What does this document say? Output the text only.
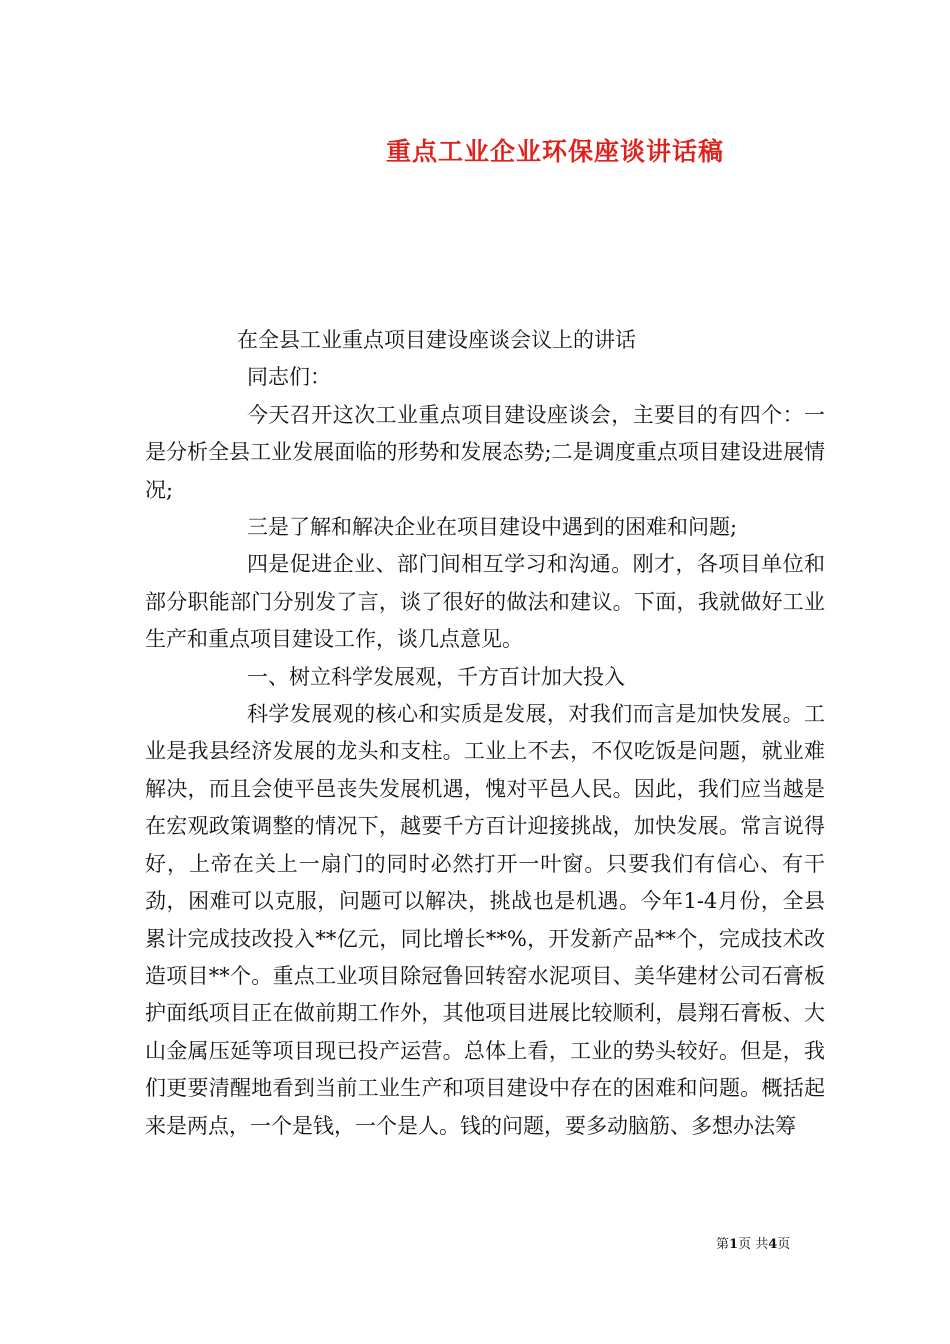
重点工业企业环保座谈讲话稿

在全县工业重点项目建设座谈会议上的讲话

同志们：

今天召开这次工业重点项目建设座谈会，主要目的有四个：一是分析全县工业发展面临的形势和发展态势;二是调度重点项目建设进展情况;

三是了解和解决企业在项目建设中遇到的困难和问题;

四是促进企业、部门间相互学习和沟通。刚才，各项目单位和部分职能部门分别发了言，谈了很好的做法和建议。下面，我就做好工业生产和重点项目建设工作，谈几点意见。

一、树立科学发展观，千方百计加大投入

科学发展观的核心和实质是发展，对我们而言是加快发展。工业是我县经济发展的龙头和支柱。工业上不去，不仅吃饭是问题，就业难解决，而且会使平邑丧失发展机遇，愧对平邑人民。因此，我们应当越是在宏观政策调整的情况下，越要千方百计迎接挑战，加快发展。常言说得好，上帝在关上一扇门的同时必然打开一叶窗。只要我们有信心、有干劲，困难可以克服，问题可以解决，挑战也是机遇。今年1-4月份，全县累计完成技改投入**亿元，同比增长**%，开发新产品**个，完成技术改造项目**个。重点工业项目除冠鲁回转窑水泥项目、美华建材公司石膏板护面纸项目正在做前期工作外，其他项目进展比较顺利，晨翔石膏板、大山金属压延等项目现已投产运营。总体上看，工业的势头较好。但是，我们更要清醒地看到当前工业生产和项目建设中存在的困难和问题。概括起来是两点，一个是钱，一个是人。钱的问题，要多动脑筋、多想办法筹

第1页 共4页
